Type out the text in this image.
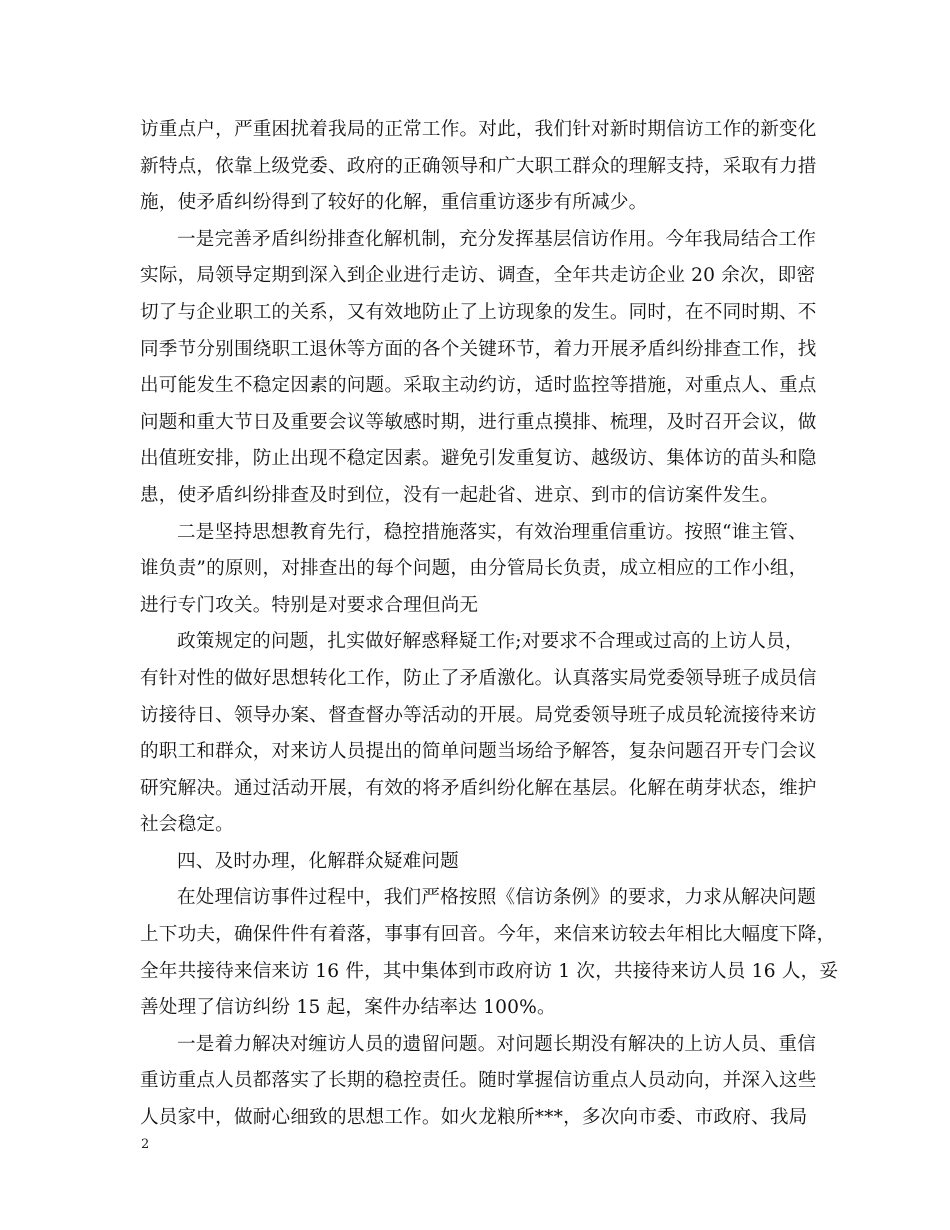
访重点户，严重困扰着我局的正常工作。对此，我们针对新时期信访工作的新变化
新特点，依靠上级党委、政府的正确领导和广大职工群众的理解支持，采取有力措
施，使矛盾纠纷得到了较好的化解，重信重访逐步有所减少。
一是完善矛盾纠纷排查化解机制，充分发挥基层信访作用。今年我局结合工作
实际，局领导定期到深入到企业进行走访、调查，全年共走访企业 20 余次，即密
切了与企业职工的关系，又有效地防止了上访现象的发生。同时，在不同时期、不
同季节分别围绕职工退休等方面的各个关键环节，着力开展矛盾纠纷排查工作，找
出可能发生不稳定因素的问题。采取主动约访，适时监控等措施，对重点人、重点
问题和重大节日及重要会议等敏感时期，进行重点摸排、梳理，及时召开会议，做
出值班安排，防止出现不稳定因素。避免引发重复访、越级访、集体访的苗头和隐
患，使矛盾纠纷排查及时到位，没有一起赴省、进京、到市的信访案件发生。
二是坚持思想教育先行，稳控措施落实，有效治理重信重访。按照“谁主管、
谁负责”的原则，对排查出的每个问题，由分管局长负责，成立相应的工作小组，
进行专门攻关。特别是对要求合理但尚无
政策规定的问题，扎实做好解惑释疑工作;对要求不合理或过高的上访人员，
有针对性的做好思想转化工作，防止了矛盾激化。认真落实局党委领导班子成员信
访接待日、领导办案、督查督办等活动的开展。局党委领导班子成员轮流接待来访
的职工和群众，对来访人员提出的简单问题当场给予解答，复杂问题召开专门会议
研究解决。通过活动开展，有效的将矛盾纠纷化解在基层。化解在萌芽状态，维护
社会稳定。
四、及时办理，化解群众疑难问题
在处理信访事件过程中，我们严格按照《信访条例》的要求，力求从解决问题
上下功夫，确保件件有着落，事事有回音。今年，来信来访较去年相比大幅度下降，
全年共接待来信来访 16 件，其中集体到市政府访 1 次，共接待来访人员 16 人，妥
善处理了信访纠纷 15 起，案件办结率达 100%。
一是着力解决对缠访人员的遗留问题。对问题长期没有解决的上访人员、重信
重访重点人员都落实了长期的稳控责任。随时掌握信访重点人员动向，并深入这些
人员家中，做耐心细致的思想工作。如火龙粮所***，多次向市委、市政府、我局
2
